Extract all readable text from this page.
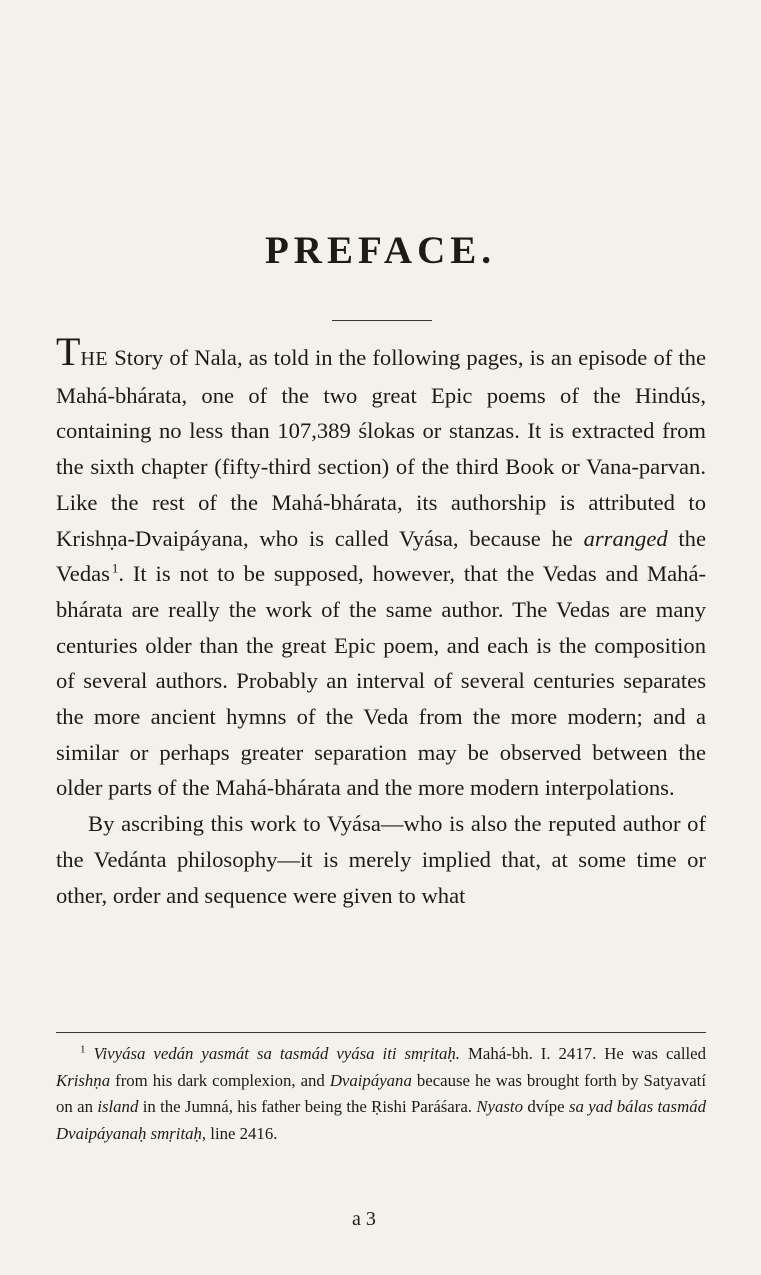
PREFACE.

THE Story of Nala, as told in the following pages, is an episode of the Mahá-bhárata, one of the two great Epic poems of the Hindús, containing no less than 107,389 ślokas or stanzas. It is extracted from the sixth chapter (fifty-third section) of the third Book or Vana-parvan. Like the rest of the Mahá-bhárata, its authorship is attributed to Krishṇa-Dvaipáyana, who is called Vyása, because he arranged the Vedas  $^1$. It is not to be supposed, however, that the Vedas and Mahá-bhárata are really the work of the same author. The Vedas are many centuries older than the great Epic poem, and each is the composition of several authors. Probably an interval of several centuries separates the more ancient hymns of the Veda from the more modern; and a similar or perhaps greater separation may be observed between the older parts of the Mahá-bhárata and the more modern interpolations.

By ascribing this work to Vyása—who is also the reputed author of the Vedánta philosophy—it is merely implied that, at some time or other, order and sequence were given to what

$^1$ Vivyása vedán yasmát sa tasmád vyása iti smṛitaḥ. Mahá-bh. I. 2417. He was called Krishṇa from his dark complexion, and Dvaipáyana because he was brought forth by Satyavatí on an island in the Jumná, his father being the Ṛishi Paráśara. Nyasto dvípe sa yad bálas tasmád Dvaipáyanaḥ smṛitaḥ, line 2416.

a 3
